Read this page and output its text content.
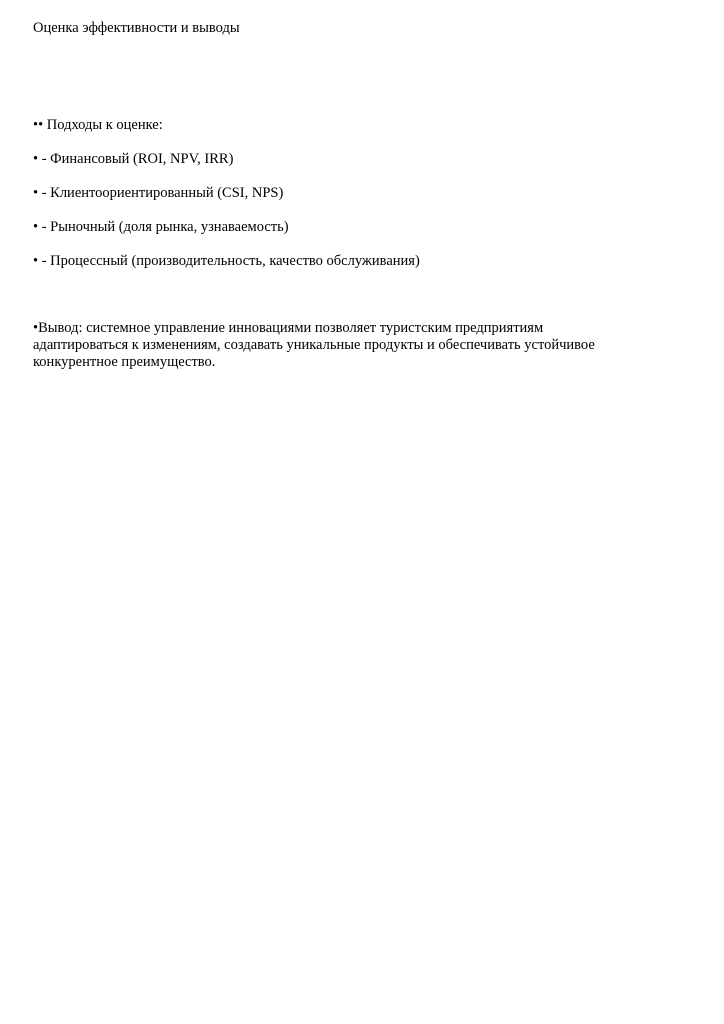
Оценка эффективности и выводы
•• Подходы к оценке:
• - Финансовый (ROI, NPV, IRR)
• - Клиентоориентированный (CSI, NPS)
• - Рыночный (доля рынка, узнаваемость)
• - Процессный (производительность, качество обслуживания)
•Вывод: системное управление инновациями позволяет туристским предприятиям
адаптироваться к изменениям, создавать уникальные продукты и обеспечивать устойчивое
конкурентное преимущество.
